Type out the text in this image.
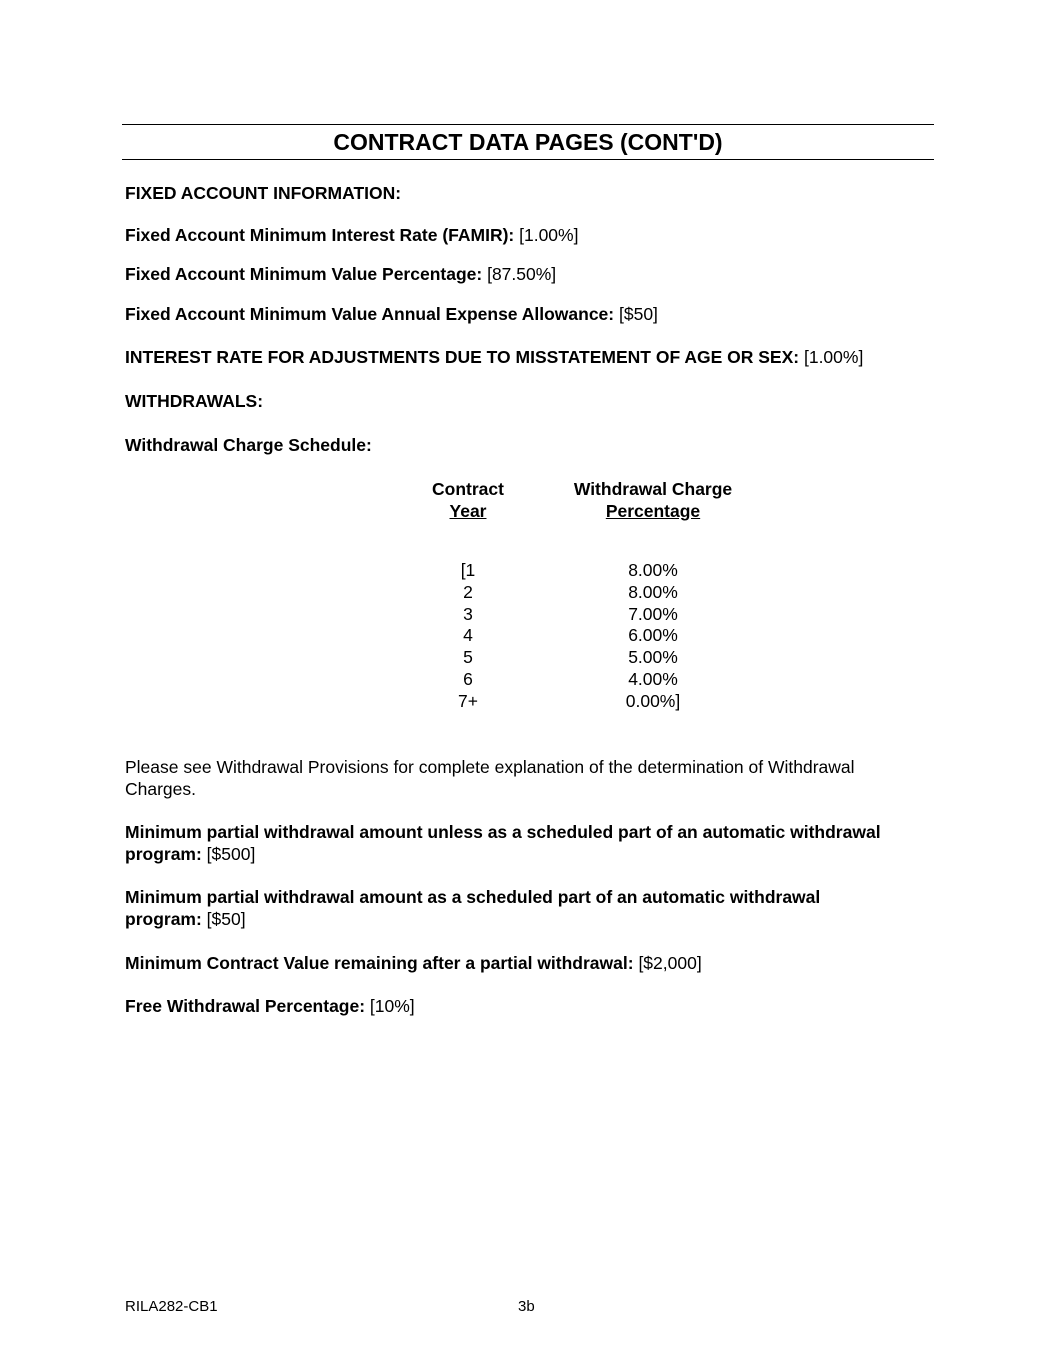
CONTRACT DATA PAGES (CONT'D)
FIXED ACCOUNT INFORMATION:
Fixed Account Minimum Interest Rate (FAMIR): [1.00%]
Fixed Account Minimum Value Percentage: [87.50%]
Fixed Account Minimum Value Annual Expense Allowance: [$50]
INTEREST RATE FOR ADJUSTMENTS DUE TO MISSTATEMENT OF AGE OR SEX: [1.00%]
WITHDRAWALS:
Withdrawal Charge Schedule:
Contract
Year
Withdrawal Charge
Percentage
[1	8.00%
2	8.00%
3	7.00%
4	6.00%
5	5.00%
6	4.00%
7+	0.00%]
Please see Withdrawal Provisions for complete explanation of the determination of Withdrawal Charges.
Minimum partial withdrawal amount unless as a scheduled part of an automatic withdrawal program: [$500]
Minimum partial withdrawal amount as a scheduled part of an automatic withdrawal program: [$50]
Minimum Contract Value remaining after a partial withdrawal: [$2,000]
Free Withdrawal Percentage: [10%]
RILA282-CB1	3b
